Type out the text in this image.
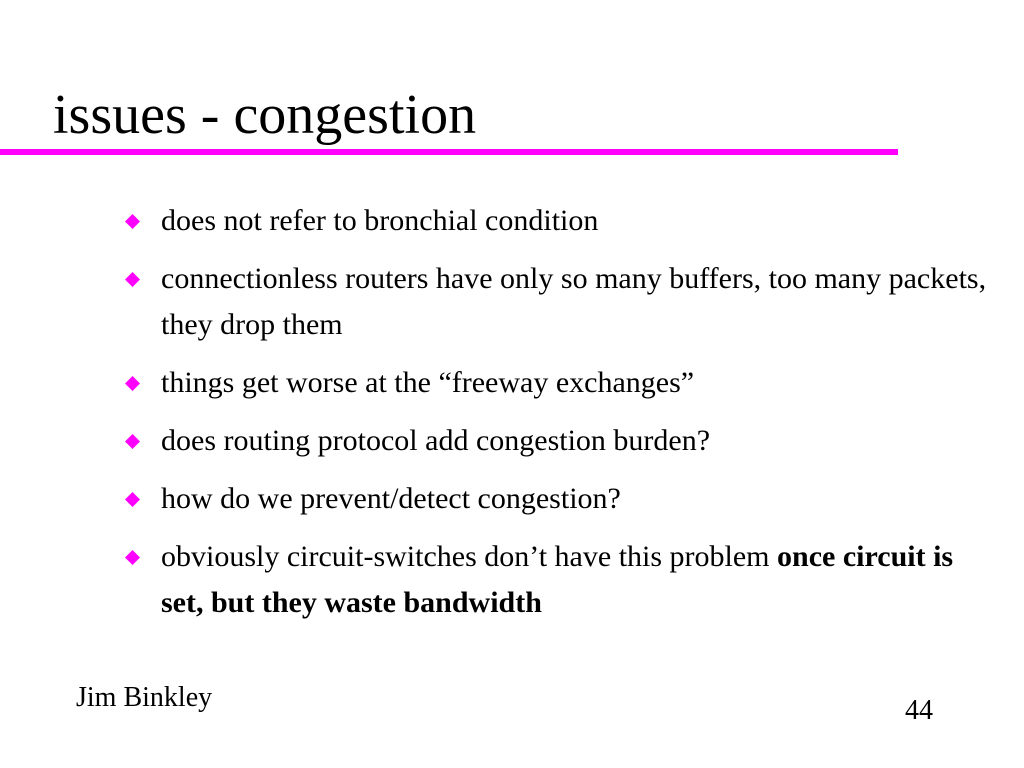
issues - congestion
does not refer to bronchial condition
connectionless routers have only so many buffers, too many packets, they drop them
things get worse at the “freeway exchanges”
does routing protocol add congestion burden?
how do we prevent/detect congestion?
obviously circuit-switches don’t have this problem once circuit is set, but they waste bandwidth
Jim Binkley	44
